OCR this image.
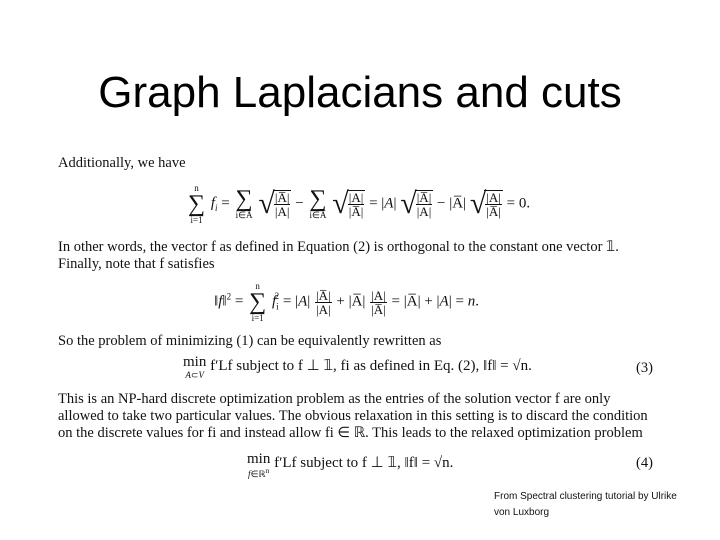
Graph Laplacians and cuts
Additionally, we have
n
∑
i=1
$f_i$ = ∑
i∈A √ $\frac{|A̅|}{|A|}$ − ∑
i∈A̅ √ $\frac{|A|}{|A̅|} = |A|$ √ $\frac{|A̅|}{|A|}$ − |A̅| √ $\frac{|A|}{|A̅|} = 0$.
In other words, the vector f as defined in Equation (2) is orthogonal to the constant one vector 𝟙. Finally, note that f satisfies
‖f‖$^2$ =
n
∑
i=1
$f_i^2 = |A| \frac{|A̅|}{|A|}$ + |A̅| $\frac{|A|}{|A̅|}$ = |A̅| + |A| = n.
So the problem of minimizing (1) can be equivalently rewritten as
min
A⊂V f′Lf subject to f ⊥ 𝟙, fi as defined in Eq. (2), ‖f‖ = √n.	(3)
This is an NP-hard discrete optimization problem as the entries of the solution vector f are only allowed to take two particular values. The obvious relaxation in this setting is to discard the condition on the discrete values for fi and instead allow fi ∈ ℝ. This leads to the relaxed optimization problem
min
f∈ℝ$^n$ f′Lf subject to f ⊥ 𝟙, ‖f‖ = √n.	(4)
From Spectral clustering tutorial by Ulrike von Luxborg
